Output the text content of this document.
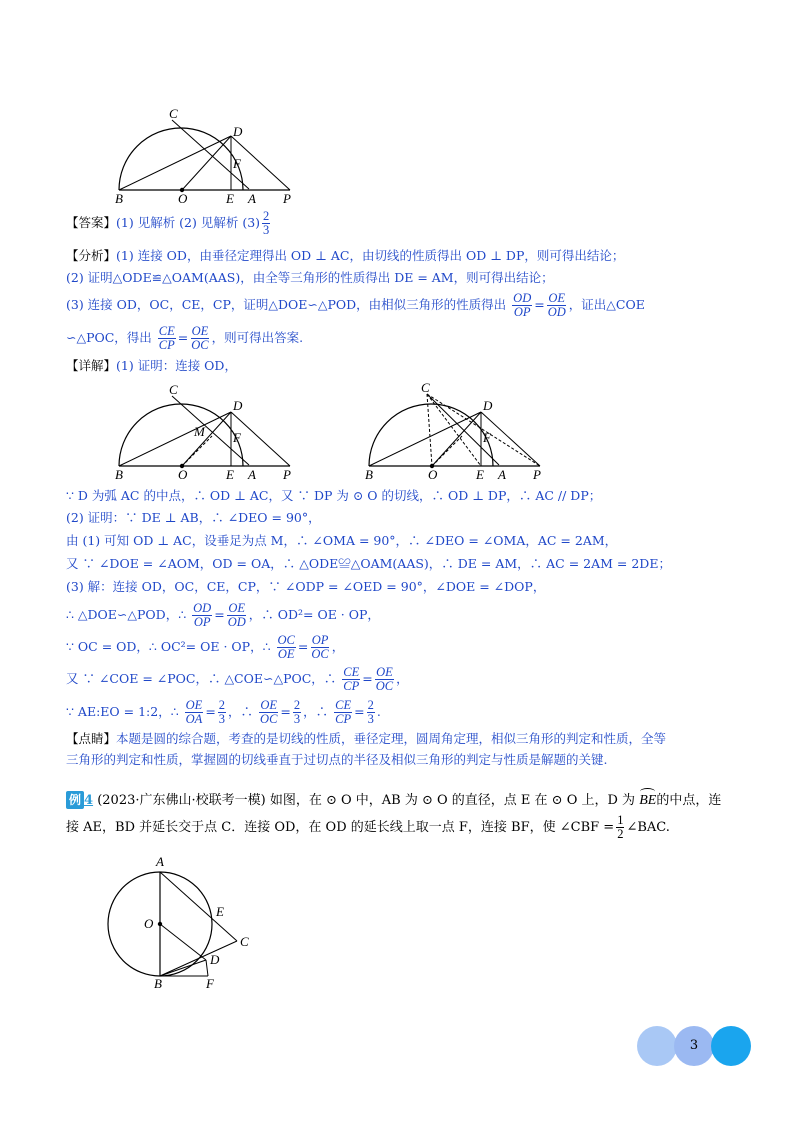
C
D
F
B	O	E A P
【答案】(1) 见解析 (2) 见解析 $(3) \frac{2}{3}$
【分析】(1) 连接 OD，由垂径定理得出 OD ⊥ AC，由切线的性质得出 OD ⊥ DP，则可得出结论；
(2) 证明△ODE≌△OAM(AAS)，由全等三角形的性质得出 DE = AM，则可得出结论；
(3) 连接 OD，OC，CE，CP，证明△DOE∽△POD，由相似三角形的性质得出 $\frac{OD}{OP} = \frac{OE}{OD}$ ，证出△COE
∽△POC，得出 $\frac{CE}{CP} = \frac{OE}{OC}$ ，则可得出答案.
【详解】(1) 证明：连接 OD，
C
D
M F
B	O	E A P
C
D
F
B	O	E A P
∵ D 为弧 AC 的中点，∴ OD ⊥ AC，又 ∵ DP 为 ⊙ O 的切线，∴ OD ⊥ DP，∴ AC // DP；
(2) 证明：∵ DE ⊥ AB，∴ ∠DEO = 90°，
由 (1) 可知 OD ⊥ AC，设垂足为点 M，∴ ∠OMA = 90°，∴ ∠DEO = ∠OMA，AC = 2AM，
又 ∵ ∠DOE = ∠AOM，OD = OA，∴ △ODE≌△OAM(AAS)，∴ DE = AM，∴ AC = 2AM = 2DE；
(3) 解：连接 OD，OC，CE，CP，∵ ∠ODP = ∠OED = 90°，∠DOE = ∠DOP，
∴ △DOE∽△POD，∴ $\frac{OD}{OP} = \frac{OE}{OD}$ ，∴ OD²= OE · OP，
∵ OC = OD，∴ OC²= OE · OP，∴ $\frac{OC}{OE} = \frac{OP}{OC}$ ，
又 ∵ ∠COE = ∠POC，∴ △COE∽△POC，∴ $\frac{CE}{CP} = \frac{OE}{OC}$ ，
∵ AE:EO = 1:2，∴ $\frac{OE}{OA} = \frac{2}{3}$ ，∴ $\frac{OE}{OC} = \frac{2}{3}$ ，∴ $\frac{CE}{CP} = \frac{2}{3}$ .
【点睛】本题是圆的综合题，考查的是切线的性质，垂径定理，圆周角定理，相似三角形的判定和性质，全等
三角形的判定和性质，掌握圆的切线垂直于过切点的半径及相似三角形的判定与性质是解题的关键.
例 4 (2023·广东佛山·校联考一模) 如图，在 ⊙ O 中，AB 为 ⊙ O 的直径，点 E 在 ⊙ O 上，D 为 BE的中点，连
接 AE，BD 并延长交于点 C．连接 OD，在 OD 的延长线上取一点 F，连接 BF，使 ∠CBF = $\frac{1}{2}$ ∠BAC.
A
O
E
C
D
B	F
3
